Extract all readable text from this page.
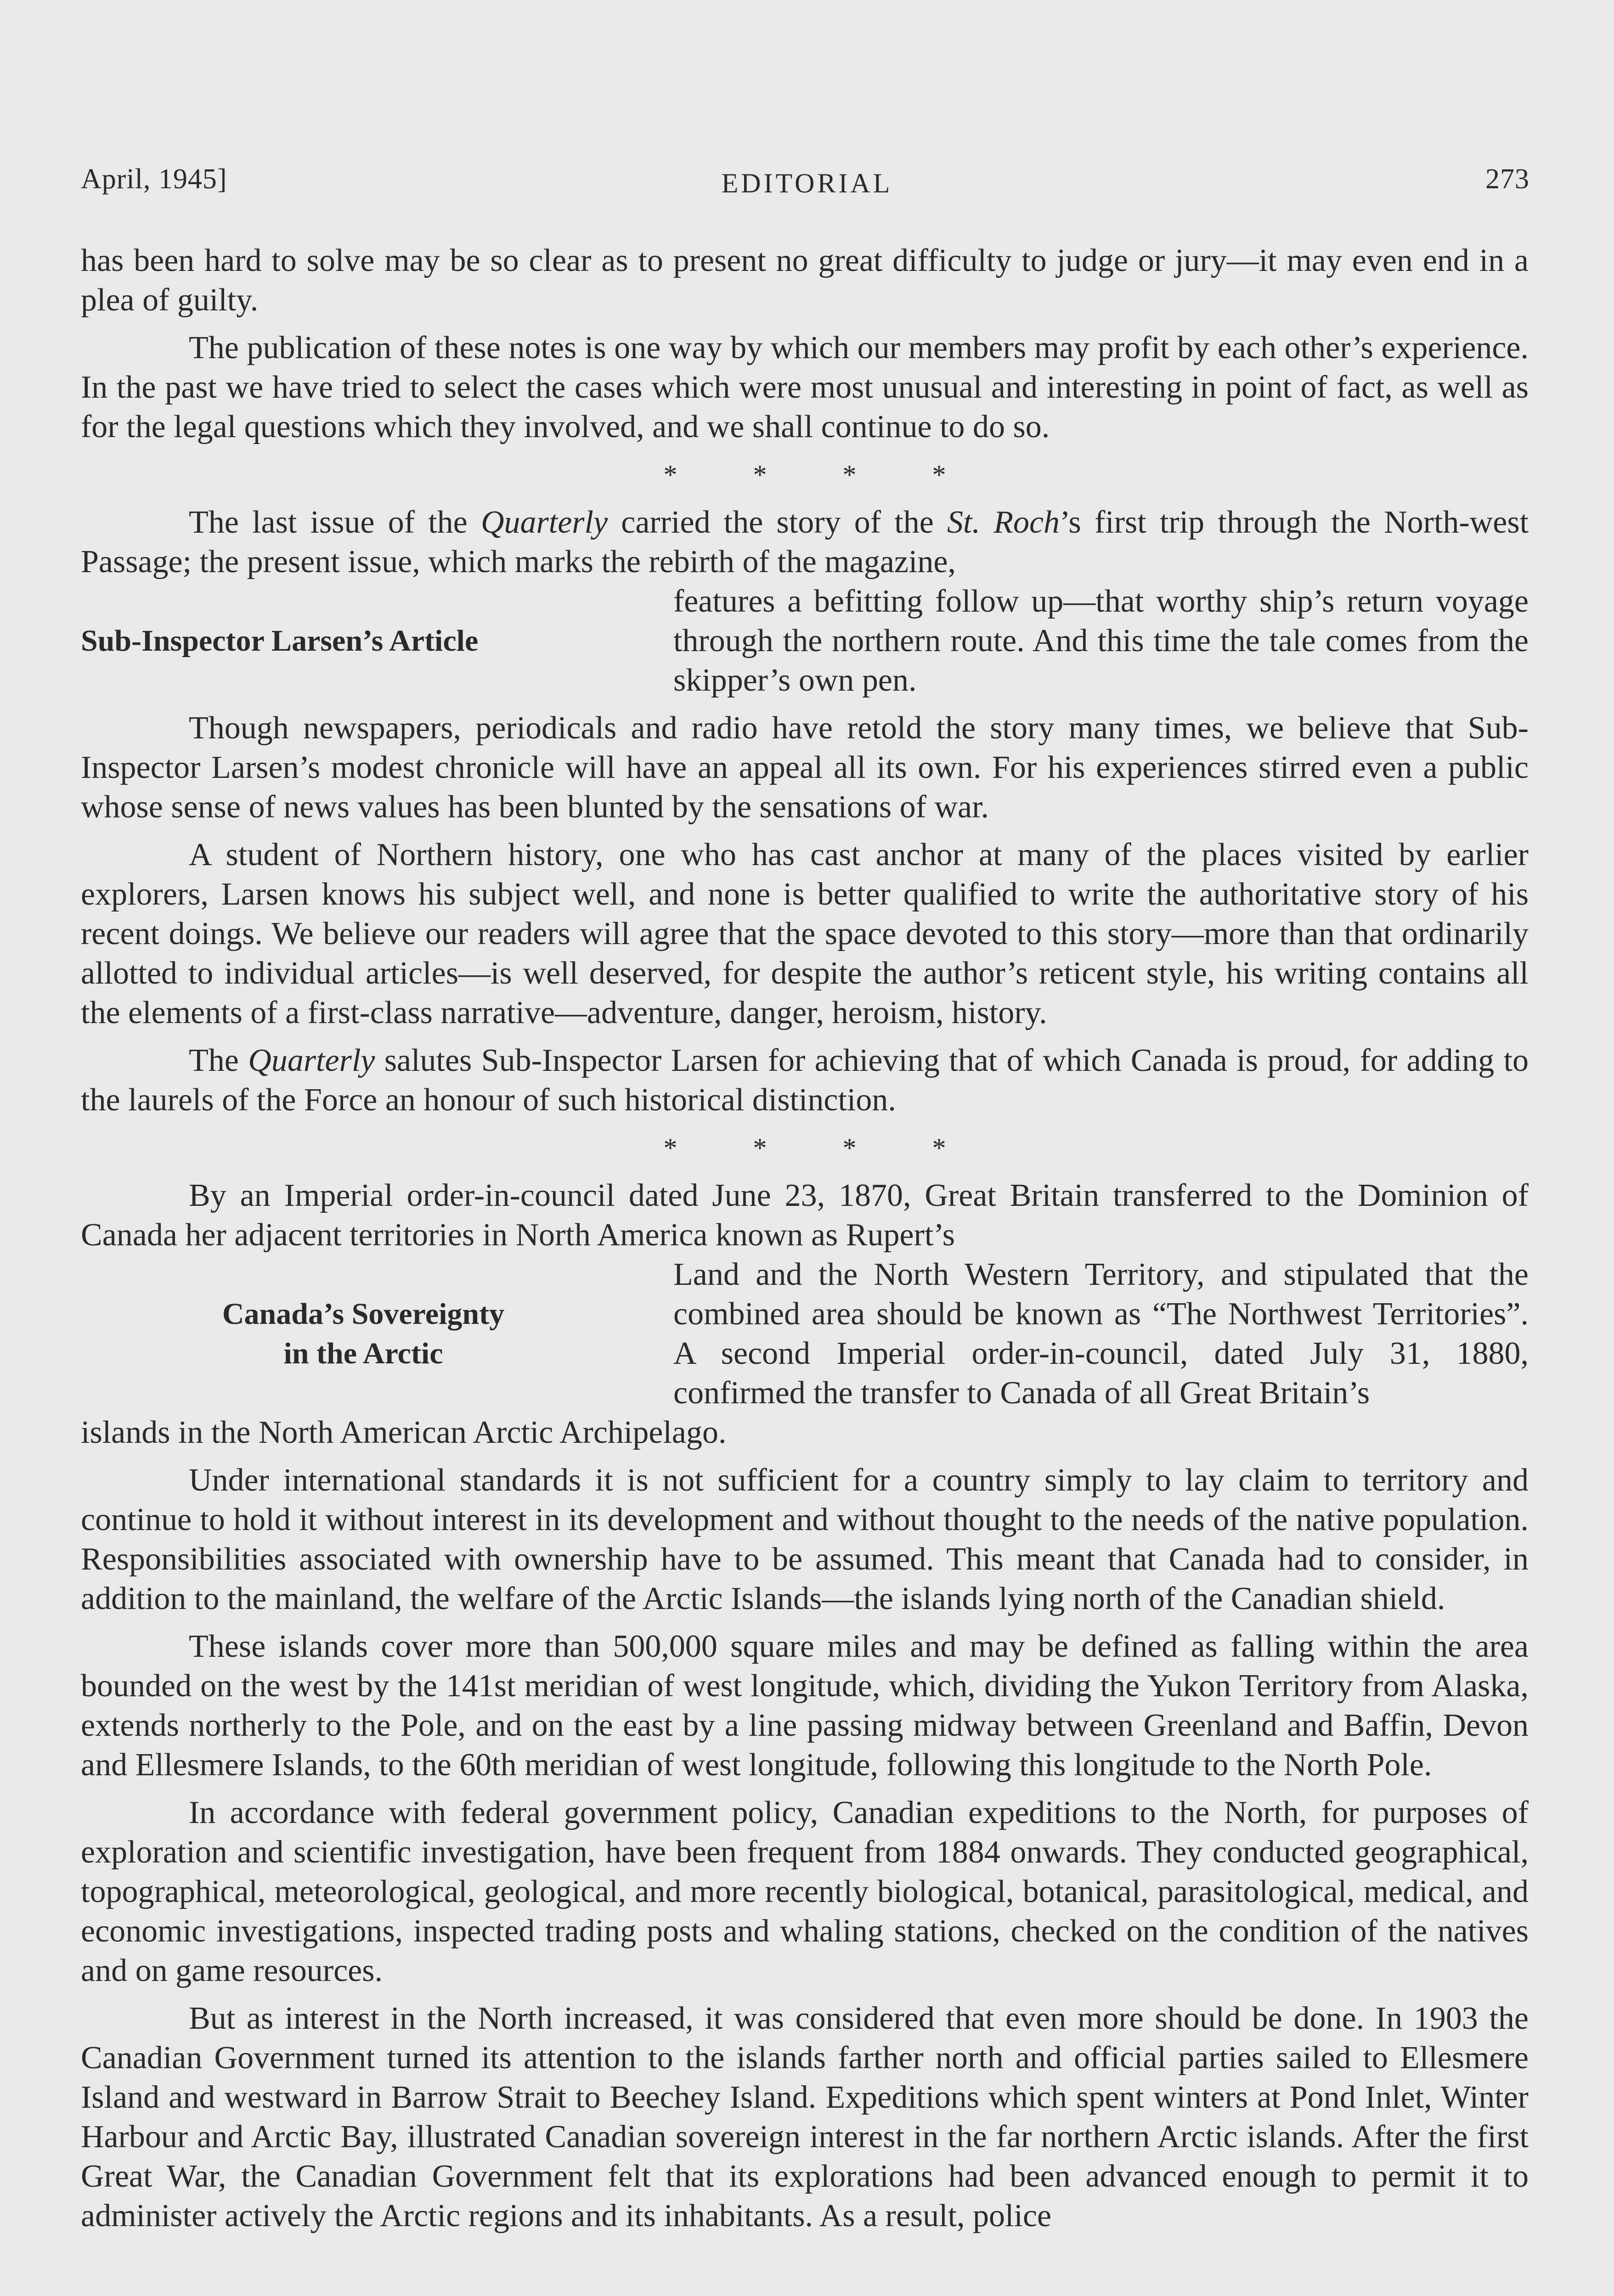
April, 1945]	EDITORIAL	273

has been hard to solve may be so clear as to present no great difficulty to judge or jury—it may even end in a plea of guilty.

The publication of these notes is one way by which our members may profit by each other’s experience. In the past we have tried to select the cases which were most unusual and interesting in point of fact, as well as for the legal questions which they involved, and we shall continue to do so.

* * * *

The last issue of the Quarterly carried the story of the St. Roch’s first trip through the North-west Passage; the present issue, which marks the rebirth of the magazine,

Sub-Inspector Larsen’s Article
features a befitting follow up—that worthy ship’s return voyage through the northern route. And this time the tale comes from the skipper’s own pen.

Though newspapers, periodicals and radio have retold the story many times, we believe that Sub-Inspector Larsen’s modest chronicle will have an appeal all its own. For his experiences stirred even a public whose sense of news values has been blunted by the sensations of war.

A student of Northern history, one who has cast anchor at many of the places visited by earlier explorers, Larsen knows his subject well, and none is better qualified to write the authoritative story of his recent doings. We believe our readers will agree that the space devoted to this story—more than that ordinarily allotted to individual articles—is well deserved, for despite the author’s reticent style, his writing contains all the elements of a first-class narrative—adventure, danger, heroism, history.

The Quarterly salutes Sub-Inspector Larsen for achieving that of which Canada is proud, for adding to the laurels of the Force an honour of such historical distinction.

* * * *

By an Imperial order-in-council dated June 23, 1870, Great Britain transferred to the Dominion of Canada her adjacent territories in North America known as Rupert’s

Canada’s Sovereignty
in the Arctic
Land and the North Western Territory, and stipulated that the combined area should be known as “The Northwest Territories”. A second Imperial order-in-council, dated July 31, 1880, confirmed the transfer to Canada of all Great Britain’s

islands in the North American Arctic Archipelago.

Under international standards it is not sufficient for a country simply to lay claim to territory and continue to hold it without interest in its development and without thought to the needs of the native population. Responsibilities associated with ownership have to be assumed. This meant that Canada had to consider, in addition to the mainland, the welfare of the Arctic Islands—the islands lying north of the Canadian shield.

These islands cover more than 500,000 square miles and may be defined as falling within the area bounded on the west by the 141st meridian of west longitude, which, dividing the Yukon Territory from Alaska, extends northerly to the Pole, and on the east by a line passing midway between Greenland and Baffin, Devon and Ellesmere Islands, to the 60th meridian of west longitude, following this longitude to the North Pole.

In accordance with federal government policy, Canadian expeditions to the North, for purposes of exploration and scientific investigation, have been frequent from 1884 onwards. They conducted geographical, topographical, meteorological, geological, and more recently biological, botanical, parasitological, medical, and economic investigations, inspected trading posts and whaling stations, checked on the condition of the natives and on game resources.

But as interest in the North increased, it was considered that even more should be done. In 1903 the Canadian Government turned its attention to the islands farther north and official parties sailed to Ellesmere Island and westward in Barrow Strait to Beechey Island. Expeditions which spent winters at Pond Inlet, Winter Harbour and Arctic Bay, illustrated Canadian sovereign interest in the far northern Arctic islands. After the first Great War, the Canadian Government felt that its explorations had been advanced enough to permit it to administer actively the Arctic regions and its inhabitants. As a result, police
